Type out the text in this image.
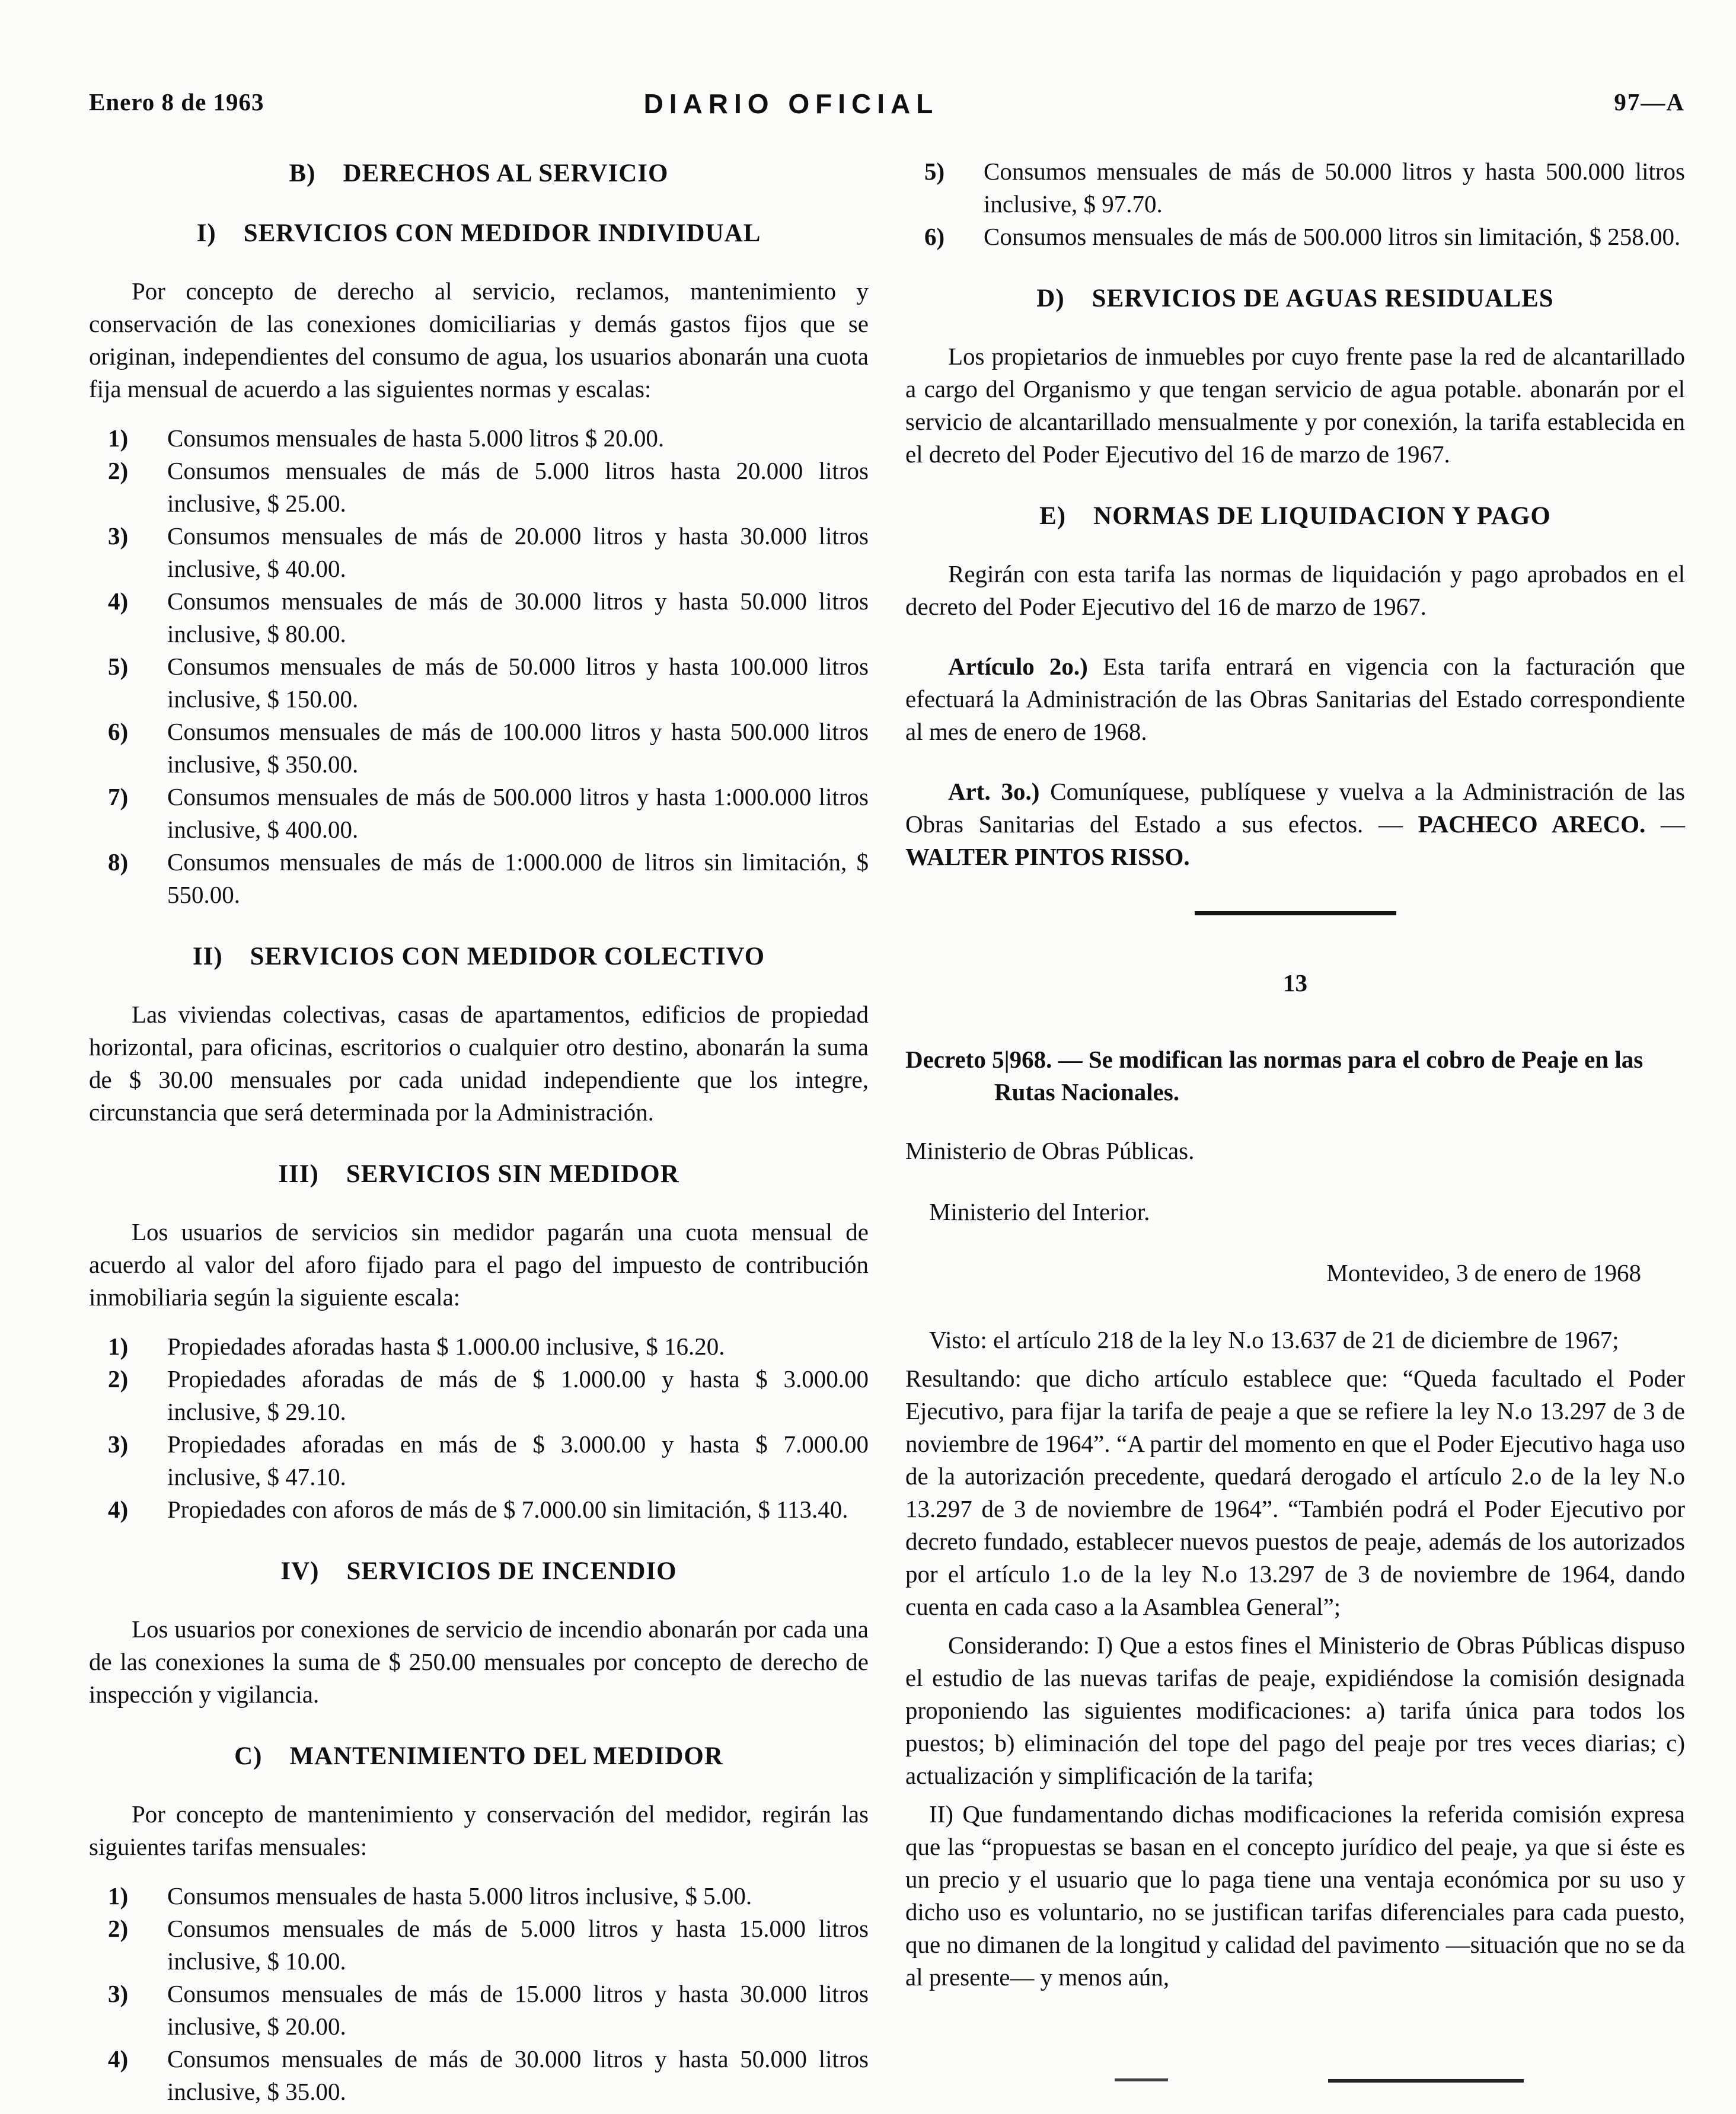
Enero 8 de 1963	DIARIO OFICIAL	97—A
B) DERECHOS AL SERVICIO
I) SERVICIOS CON MEDIDOR INDIVIDUAL

Por concepto de derecho al servicio, reclamos, mantenimiento y conservación de las conexiones domiciliarias y demás gastos fijos que se originan, independientes del consumo de agua, los usuarios abonarán una cuota fija mensual de acuerdo a las siguientes normas y escalas:

1) Consumos mensuales de hasta 5.000 litros $ 20.00.
2) Consumos mensuales de más de 5.000 litros hasta 20.000 litros inclusive, $ 25.00.
3) Consumos mensuales de más de 20.000 litros y hasta 30.000 litros inclusive, $ 40.00.
4) Consumos mensuales de más de 30.000 litros y hasta 50.000 litros inclusive, $ 80.00.
5) Consumos mensuales de más de 50.000 litros y hasta 100.000 litros inclusive, $ 150.00.
6) Consumos mensuales de más de 100.000 litros y hasta 500.000 litros inclusive, $ 350.00.
7) Consumos mensuales de más de 500.000 litros y hasta 1:000.000 litros inclusive, $ 400.00.
8) Consumos mensuales de más de 1:000.000 de litros sin limitación, $ 550.00.
II) SERVICIOS CON MEDIDOR COLECTIVO

Las viviendas colectivas, casas de apartamentos, edificios de propiedad horizontal, para oficinas, escritorios o cualquier otro destino, abonarán la suma de $ 30.00 mensuales por cada unidad independiente que los integre, circunstancia que será determinada por la Administración.

III) SERVICIOS SIN MEDIDOR

Los usuarios de servicios sin medidor pagarán una cuota mensual de acuerdo al valor del aforo fijado para el pago del impuesto de contribución inmobiliaria según la siguiente escala:

1) Propiedades aforadas hasta $ 1.000.00 inclusive, $ 16.20.
2) Propiedades aforadas de más de $ 1.000.00 y hasta $ 3.000.00 inclusive, $ 29.10.
3) Propiedades aforadas en más de $ 3.000.00 y hasta $ 7.000.00 inclusive, $ 47.10.
4) Propiedades con aforos de más de $ 7.000.00 sin limitación, $ 113.40.
IV) SERVICIOS DE INCENDIO

Los usuarios por conexiones de servicio de incendio abonarán por cada una de las conexiones la suma de $ 250.00 mensuales por concepto de derecho de inspección y vigilancia.

C) MANTENIMIENTO DEL MEDIDOR

Por concepto de mantenimiento y conservación del medidor, regirán las siguientes tarifas mensuales:

1) Consumos mensuales de hasta 5.000 litros inclusive, $ 5.00.
2) Consumos mensuales de más de 5.000 litros y hasta 15.000 litros inclusive, $ 10.00.
3) Consumos mensuales de más de 15.000 litros y hasta 30.000 litros inclusive, $ 20.00.
4) Consumos mensuales de más de 30.000 litros y hasta 50.000 litros inclusive, $ 35.00.
5) Consumos mensuales de más de 50.000 litros y hasta 500.000 litros inclusive, $ 97.70.
6) Consumos mensuales de más de 500.000 litros sin limitación, $ 258.00.
D) SERVICIOS DE AGUAS RESIDUALES

Los propietarios de inmuebles por cuyo frente pase la red de alcantarillado a cargo del Organismo y que tengan servicio de agua potable. abonarán por el servicio de alcantarillado mensualmente y por conexión, la tarifa establecida en el decreto del Poder Ejecutivo del 16 de marzo de 1967.

E) NORMAS DE LIQUIDACION Y PAGO

Regirán con esta tarifa las normas de liquidación y pago aprobados en el decreto del Poder Ejecutivo del 16 de marzo de 1967.

Artículo 2o.) Esta tarifa entrará en vigencia con la facturación que efectuará la Administración de las Obras Sanitarias del Estado correspondiente al mes de enero de 1968.

Art. 3o.) Comuníquese, publíquese y vuelva a la Administración de las Obras Sanitarias del Estado a sus efectos. — PACHECO ARECO. — WALTER PINTOS RISSO.

13

Decreto 5|968. — Se modifican las normas para el cobro de Peaje en las Rutas Nacionales.

Ministerio de Obras Públicas.

Ministerio del Interior.

Montevideo, 3 de enero de 1968

Visto: el artículo 218 de la ley N.o 13.637 de 21 de diciembre de 1967;

Resultando: que dicho artículo establece que: “Queda facultado el Poder Ejecutivo, para fijar la tarifa de peaje a que se refiere la ley N.o 13.297 de 3 de noviembre de 1964”. “A partir del momento en que el Poder Ejecutivo haga uso de la autorización precedente, quedará derogado el artículo 2.o de la ley N.o 13.297 de 3 de noviembre de 1964”. “También podrá el Poder Ejecutivo por decreto fundado, establecer nuevos puestos de peaje, además de los autorizados por el artículo 1.o de la ley N.o 13.297 de 3 de noviembre de 1964, dando cuenta en cada caso a la Asamblea General”;

Considerando: I) Que a estos fines el Ministerio de Obras Públicas dispuso el estudio de las nuevas tarifas de peaje, expidiéndose la comisión designada proponiendo las siguientes modificaciones: a) tarifa única para todos los puestos; b) eliminación del tope del pago del peaje por tres veces diarias; c) actualización y simplificación de la tarifa;

II) Que fundamentando dichas modificaciones la referida comisión expresa que las “propuestas se basan en el concepto jurídico del peaje, ya que si éste es un precio y el usuario que lo paga tiene una ventaja económica por su uso y dicho uso es voluntario, no se justifican tarifas diferenciales para cada puesto, que no dimanen de la longitud y calidad del pavimento —situación que no se da al presente— y menos aún,
